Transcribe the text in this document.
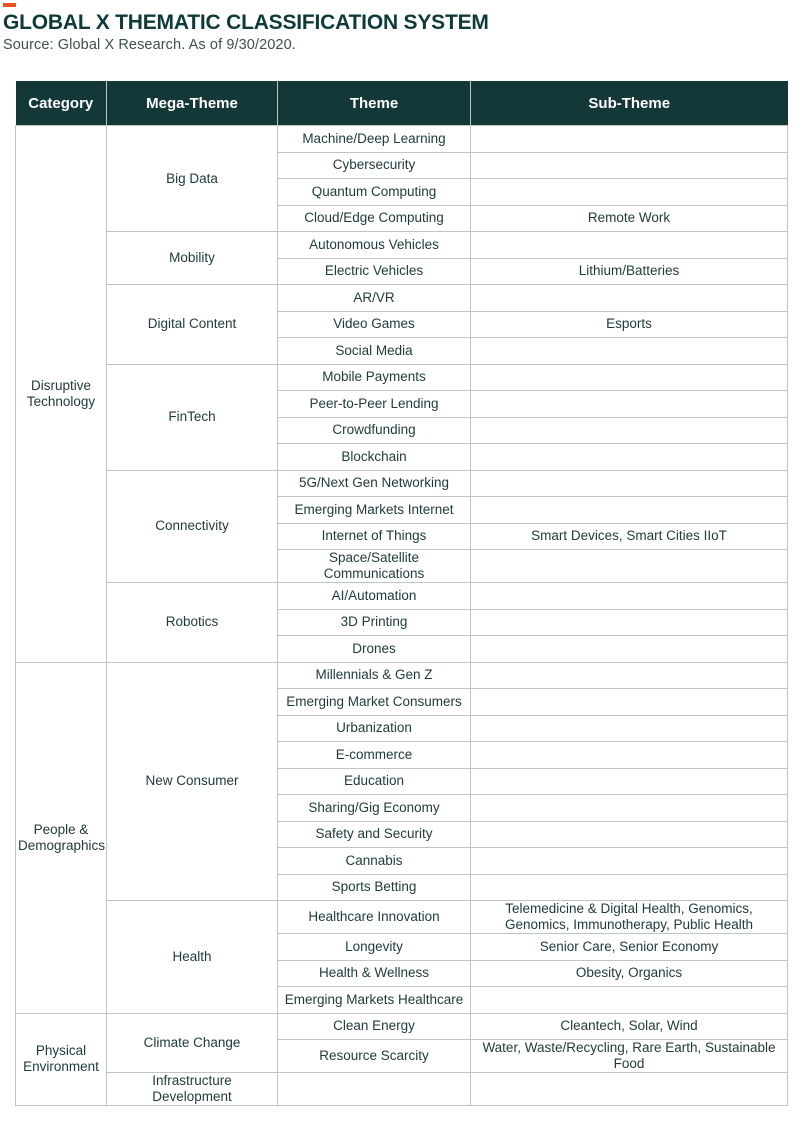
GLOBAL X THEMATIC CLASSIFICATION SYSTEM
Source: Global X Research. As of 9/30/2020.
Category	Mega-Theme	Theme	Sub-Theme
Disruptive Technology	Big Data	Machine/Deep Learning	
		Cybersecurity	
		Quantum Computing	
		Cloud/Edge Computing	Remote Work
	Mobility	Autonomous Vehicles	
		Electric Vehicles	Lithium/Batteries
	Digital Content	AR/VR	
		Video Games	Esports
		Social Media	
	FinTech	Mobile Payments	
		Peer-to-Peer Lending	
		Crowdfunding	
		Blockchain	
	Connectivity	5G/Next Gen Networking	
		Emerging Markets Internet	
		Internet of Things	Smart Devices, Smart Cities IIoT
		Space/Satellite Communications	
	Robotics	AI/Automation	
		3D Printing	
		Drones	
People & Demographics	New Consumer	Millennials & Gen Z	
		Emerging Market Consumers	
		Urbanization	
		E-commerce	
		Education	
		Sharing/Gig Economy	
		Safety and Security	
		Cannabis	
		Sports Betting	
	Health	Healthcare Innovation	Telemedicine & Digital Health, Genomics, Genomics, Immunotherapy, Public Health
		Longevity	Senior Care, Senior Economy
		Health & Wellness	Obesity, Organics
		Emerging Markets Healthcare	
Physical Environment	Climate Change	Clean Energy	Cleantech, Solar, Wind
		Resource Scarcity	Water, Waste/Recycling, Rare Earth, Sustainable Food
	Infrastructure Development		
